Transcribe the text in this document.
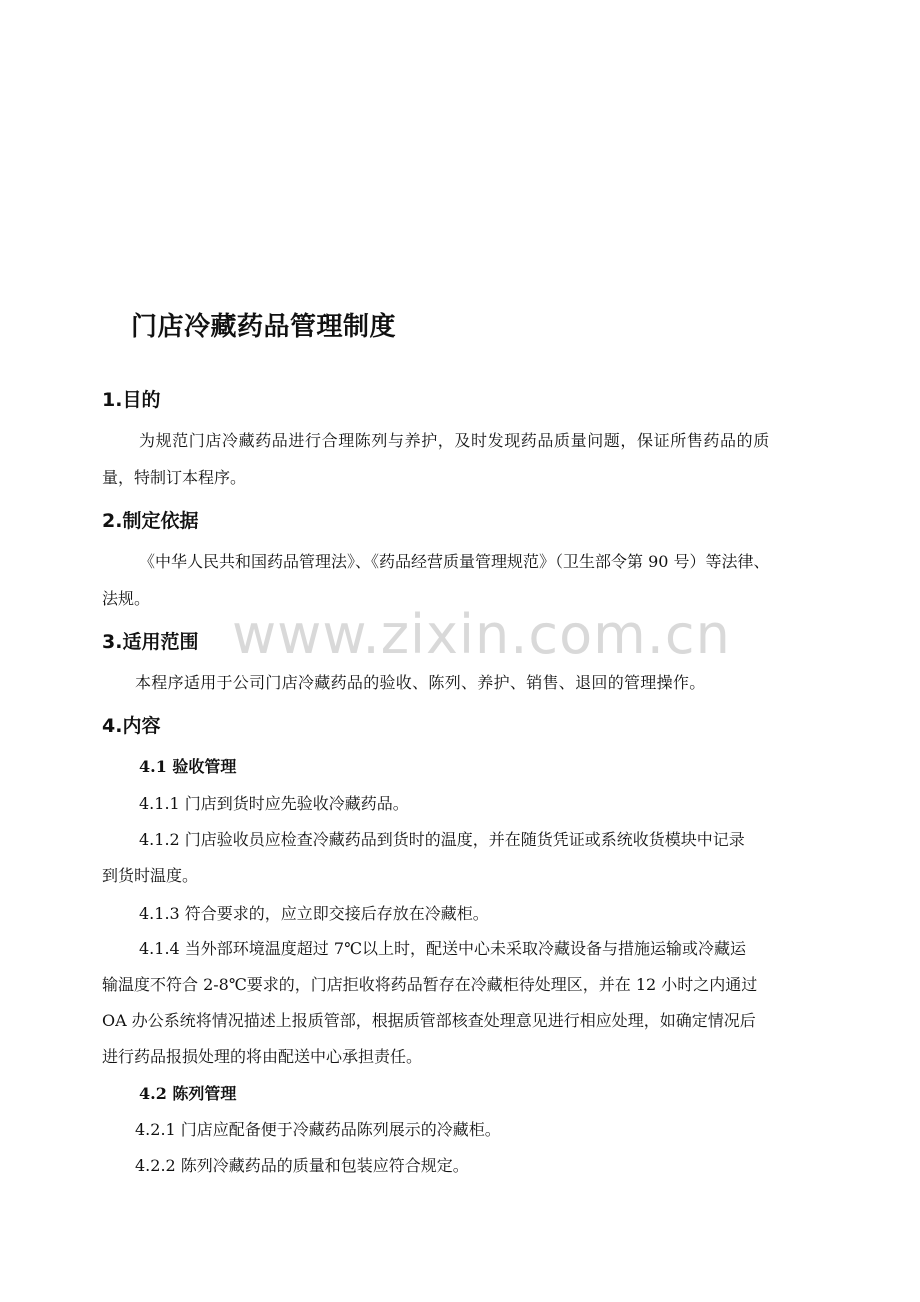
www.zixin.com.cn
门店冷藏药品管理制度
1.目的
为规范门店冷藏药品进行合理陈列与养护，及时发现药品质量问题，保证所售药品的质
量，特制订本程序。
2.制定依据
《中华人民共和国药品管理法》、《药品经营质量管理规范》（卫生部令第 90 号）等法律、
法规。
3.适用范围
本程序适用于公司门店冷藏药品的验收、陈列、养护、销售、退回的管理操作。
4.内容
4.1 验收管理
4.1.1 门店到货时应先验收冷藏药品。
4.1.2 门店验收员应检查冷藏药品到货时的温度，并在随货凭证或系统收货模块中记录
到货时温度。
4.1.3 符合要求的，应立即交接后存放在冷藏柜。
4.1.4 当外部环境温度超过 7℃以上时，配送中心未采取冷藏设备与措施运输或冷藏运
输温度不符合 2-8℃要求的，门店拒收将药品暂存在冷藏柜待处理区，并在 12 小时之内通过
OA 办公系统将情况描述上报质管部，根据质管部核查处理意见进行相应处理，如确定情况后
进行药品报损处理的将由配送中心承担责任。
4.2 陈列管理
4.2.1 门店应配备便于冷藏药品陈列展示的冷藏柜。
4.2.2 陈列冷藏药品的质量和包装应符合规定。
